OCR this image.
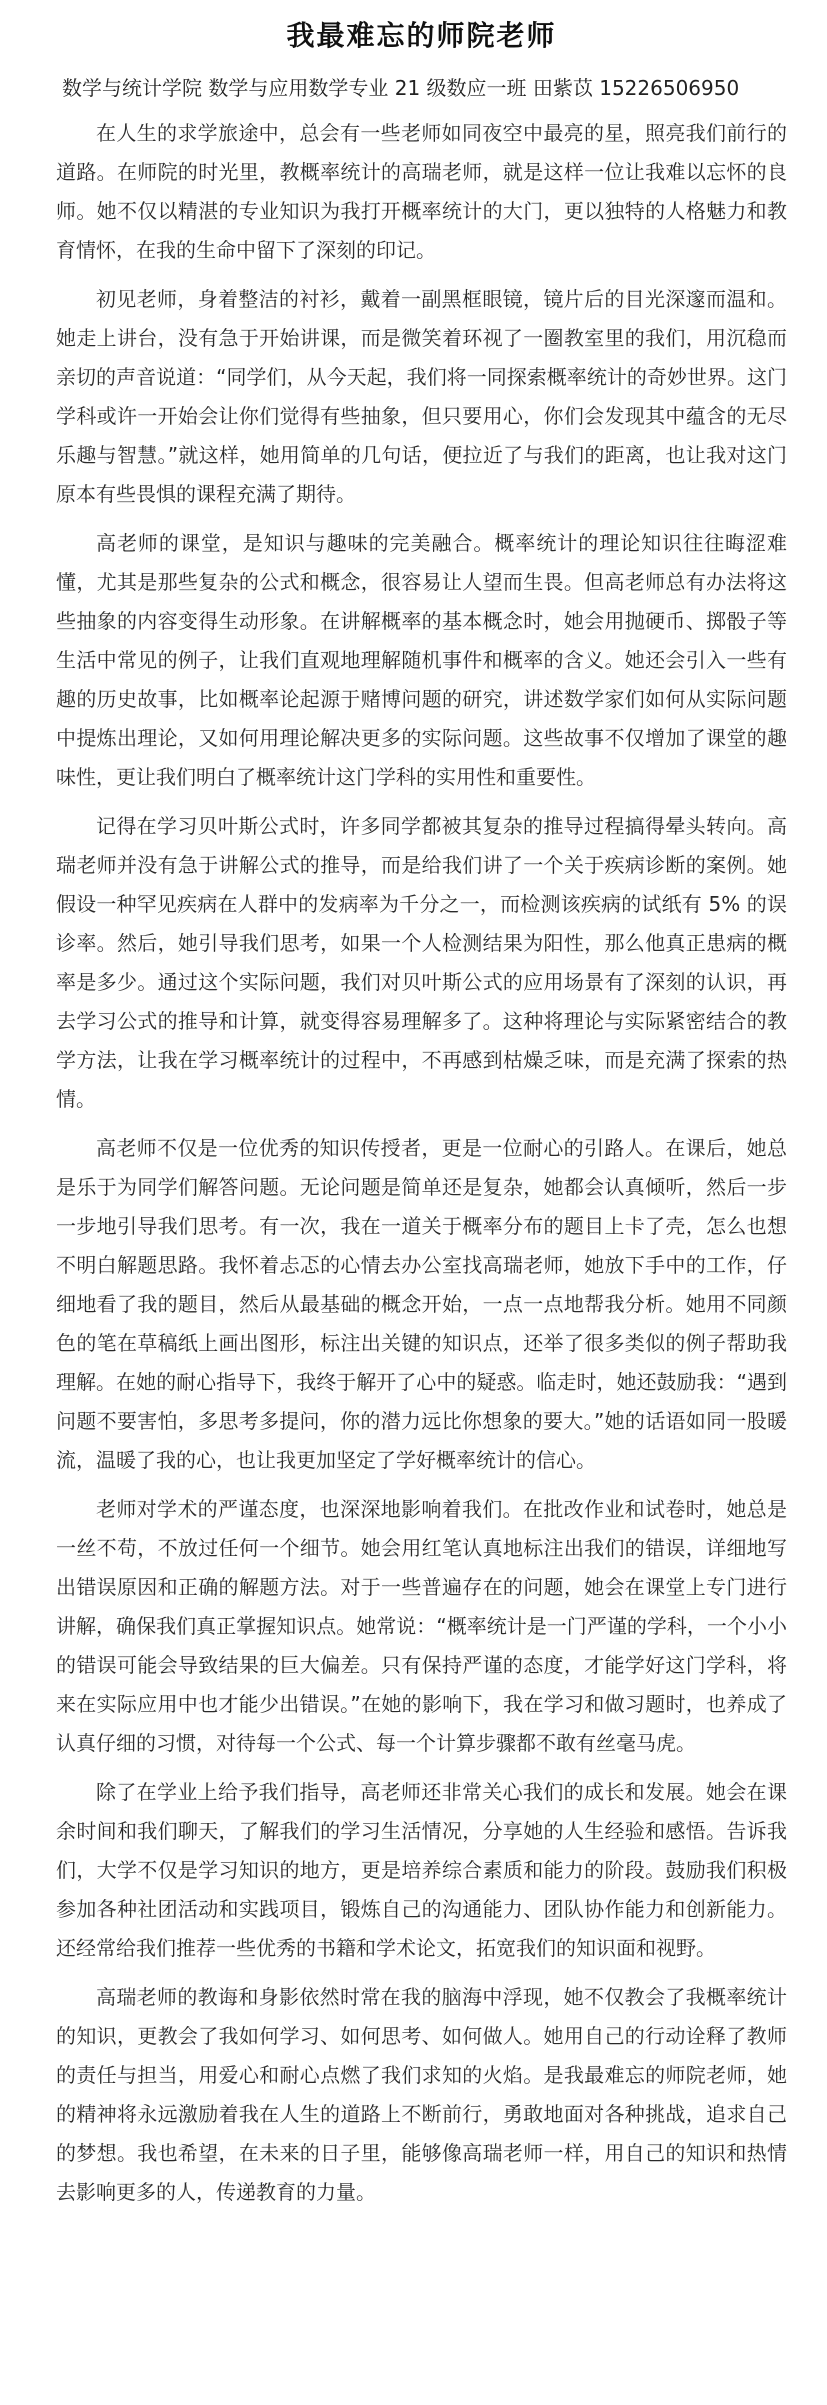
我最难忘的师院老师
数学与统计学院 数学与应用数学专业 21 级数应一班 田紫苡 15226506950

在人生的求学旅途中，总会有一些老师如同夜空中最亮的星，照亮我们前行的道路。在师院的时光里，教概率统计的高瑞老师，就是这样一位让我难以忘怀的良师。她不仅以精湛的专业知识为我打开概率统计的大门，更以独特的人格魅力和教育情怀，在我的生命中留下了深刻的印记。

初见老师，身着整洁的衬衫，戴着一副黑框眼镜，镜片后的目光深邃而温和。她走上讲台，没有急于开始讲课，而是微笑着环视了一圈教室里的我们，用沉稳而亲切的声音说道：“同学们，从今天起，我们将一同探索概率统计的奇妙世界。这门学科或许一开始会让你们觉得有些抽象，但只要用心，你们会发现其中蕴含的无尽乐趣与智慧。”就这样，她用简单的几句话，便拉近了与我们的距离，也让我对这门原本有些畏惧的课程充满了期待。

高老师的课堂，是知识与趣味的完美融合。概率统计的理论知识往往晦涩难懂，尤其是那些复杂的公式和概念，很容易让人望而生畏。但高老师总有办法将这些抽象的内容变得生动形象。在讲解概率的基本概念时，她会用抛硬币、掷骰子等生活中常见的例子，让我们直观地理解随机事件和概率的含义。她还会引入一些有趣的历史故事，比如概率论起源于赌博问题的研究，讲述数学家们如何从实际问题中提炼出理论，又如何用理论解决更多的实际问题。这些故事不仅增加了课堂的趣味性，更让我们明白了概率统计这门学科的实用性和重要性。

记得在学习贝叶斯公式时，许多同学都被其复杂的推导过程搞得晕头转向。高瑞老师并没有急于讲解公式的推导，而是给我们讲了一个关于疾病诊断的案例。她假设一种罕见疾病在人群中的发病率为千分之一，而检测该疾病的试纸有 5% 的误诊率。然后，她引导我们思考，如果一个人检测结果为阳性，那么他真正患病的概率是多少。通过这个实际问题，我们对贝叶斯公式的应用场景有了深刻的认识，再去学习公式的推导和计算，就变得容易理解多了。这种将理论与实际紧密结合的教学方法，让我在学习概率统计的过程中，不再感到枯燥乏味，而是充满了探索的热情。

高老师不仅是一位优秀的知识传授者，更是一位耐心的引路人。在课后，她总是乐于为同学们解答问题。无论问题是简单还是复杂，她都会认真倾听，然后一步一步地引导我们思考。有一次，我在一道关于概率分布的题目上卡了壳，怎么也想不明白解题思路。我怀着忐忑的心情去办公室找高瑞老师，她放下手中的工作，仔细地看了我的题目，然后从最基础的概念开始，一点一点地帮我分析。她用不同颜色的笔在草稿纸上画出图形，标注出关键的知识点，还举了很多类似的例子帮助我理解。在她的耐心指导下，我终于解开了心中的疑惑。临走时，她还鼓励我：“遇到问题不要害怕，多思考多提问，你的潜力远比你想象的要大。”她的话语如同一股暖流，温暖了我的心，也让我更加坚定了学好概率统计的信心。

老师对学术的严谨态度，也深深地影响着我们。在批改作业和试卷时，她总是一丝不苟，不放过任何一个细节。她会用红笔认真地标注出我们的错误，详细地写出错误原因和正确的解题方法。对于一些普遍存在的问题，她会在课堂上专门进行讲解，确保我们真正掌握知识点。她常说：“概率统计是一门严谨的学科，一个小小的错误可能会导致结果的巨大偏差。只有保持严谨的态度，才能学好这门学科，将来在实际应用中也才能少出错误。”在她的影响下，我在学习和做习题时，也养成了认真仔细的习惯，对待每一个公式、每一个计算步骤都不敢有丝毫马虎。

除了在学业上给予我们指导，高老师还非常关心我们的成长和发展。她会在课余时间和我们聊天，了解我们的学习生活情况，分享她的人生经验和感悟。告诉我们，大学不仅是学习知识的地方，更是培养综合素质和能力的阶段。鼓励我们积极参加各种社团活动和实践项目，锻炼自己的沟通能力、团队协作能力和创新能力。还经常给我们推荐一些优秀的书籍和学术论文，拓宽我们的知识面和视野。

高瑞老师的教诲和身影依然时常在我的脑海中浮现，她不仅教会了我概率统计的知识，更教会了我如何学习、如何思考、如何做人。她用自己的行动诠释了教师的责任与担当，用爱心和耐心点燃了我们求知的火焰。是我最难忘的师院老师，她的精神将永远激励着我在人生的道路上不断前行，勇敢地面对各种挑战，追求自己的梦想。我也希望，在未来的日子里，能够像高瑞老师一样，用自己的知识和热情去影响更多的人，传递教育的力量。
